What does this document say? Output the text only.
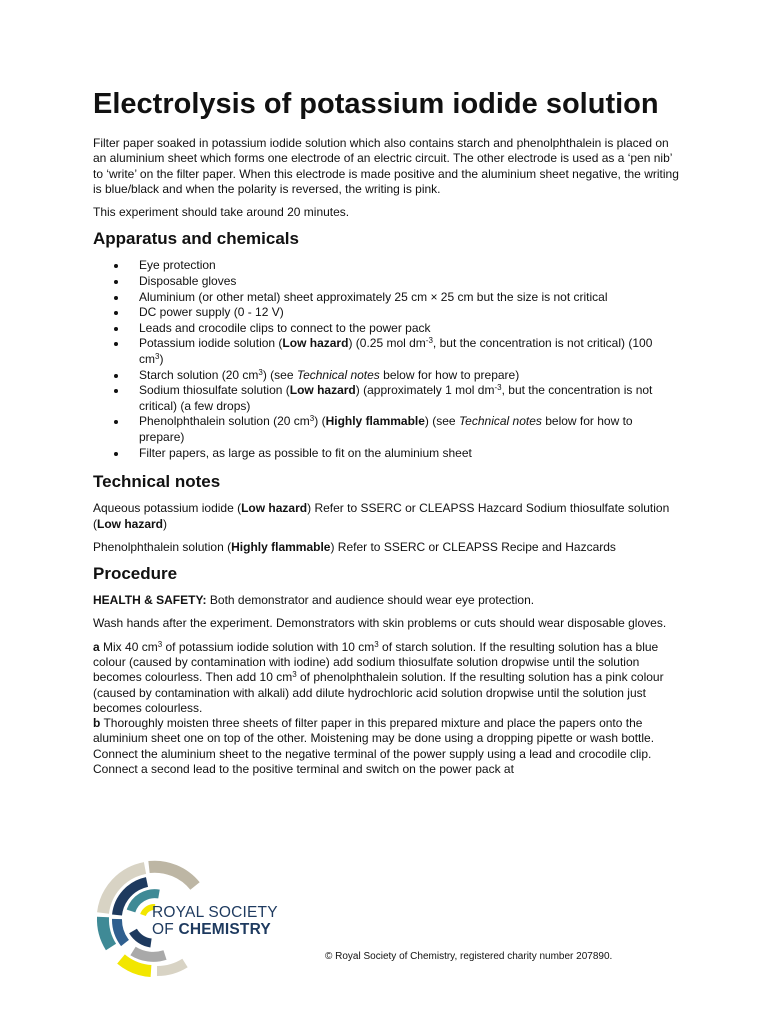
Electrolysis of potassium iodide solution

Filter paper soaked in potassium iodide solution which also contains starch and phenolphthalein is placed on an aluminium sheet which forms one electrode of an electric circuit. The other electrode is used as a ‘pen nib’ to ‘write’ on the filter paper. When this electrode is made positive and the aluminium sheet negative, the writing is blue/black and when the polarity is reversed, the writing is pink.

This experiment should take around 20 minutes.

Apparatus and chemicals
Eye protection
Disposable gloves
Aluminium (or other metal) sheet approximately 25 cm × 25 cm but the size is not critical
DC power supply (0 - 12 V)
Leads and crocodile clips to connect to the power pack
Potassium iodide solution (Low hazard) (0.25 mol $dm^{-3}$, but the concentration is not critical) (100 $cm^3$)
Starch solution (20 $cm^3$) (see Technical notes below for how to prepare)
Sodium thiosulfate solution (Low hazard) (approximately 1 mol $dm^{-3}$, but the concentration is not critical) (a few drops)
Phenolphthalein solution (20 $cm^3$) (Highly flammable) (see Technical notes below for how to prepare)
Filter papers, as large as possible to fit on the aluminium sheet
Technical notes

Aqueous potassium iodide (Low hazard) Refer to SSERC or CLEAPSS Hazcard Sodium thiosulfate solution (Low hazard)

Phenolphthalein solution (Highly flammable) Refer to SSERC or CLEAPSS Recipe and Hazcards

Procedure

HEALTH & SAFETY: Both demonstrator and audience should wear eye protection.

Wash hands after the experiment. Demonstrators with skin problems or cuts should wear disposable gloves.

a Mix 40 $cm^3$ of potassium iodide solution with 10 $cm^3$ of starch solution. If the resulting solution has a blue colour (caused by contamination with iodine) add sodium thiosulfate solution dropwise until the solution becomes colourless. Then add 10 $cm^3$ of phenolphthalein solution. If the resulting solution has a pink colour (caused by contamination with alkali) add dilute hydrochloric acid solution dropwise until the solution just becomes colourless.

b Thoroughly moisten three sheets of filter paper in this prepared mixture and place the papers onto the aluminium sheet one on top of the other. Moistening may be done using a dropping pipette or wash bottle. Connect the aluminium sheet to the negative terminal of the power supply using a lead and crocodile clip. Connect a second lead to the positive terminal and switch on the power pack at

ROYAL SOCIETY
OF CHEMISTRY
© Royal Society of Chemistry, registered charity number 207890.
